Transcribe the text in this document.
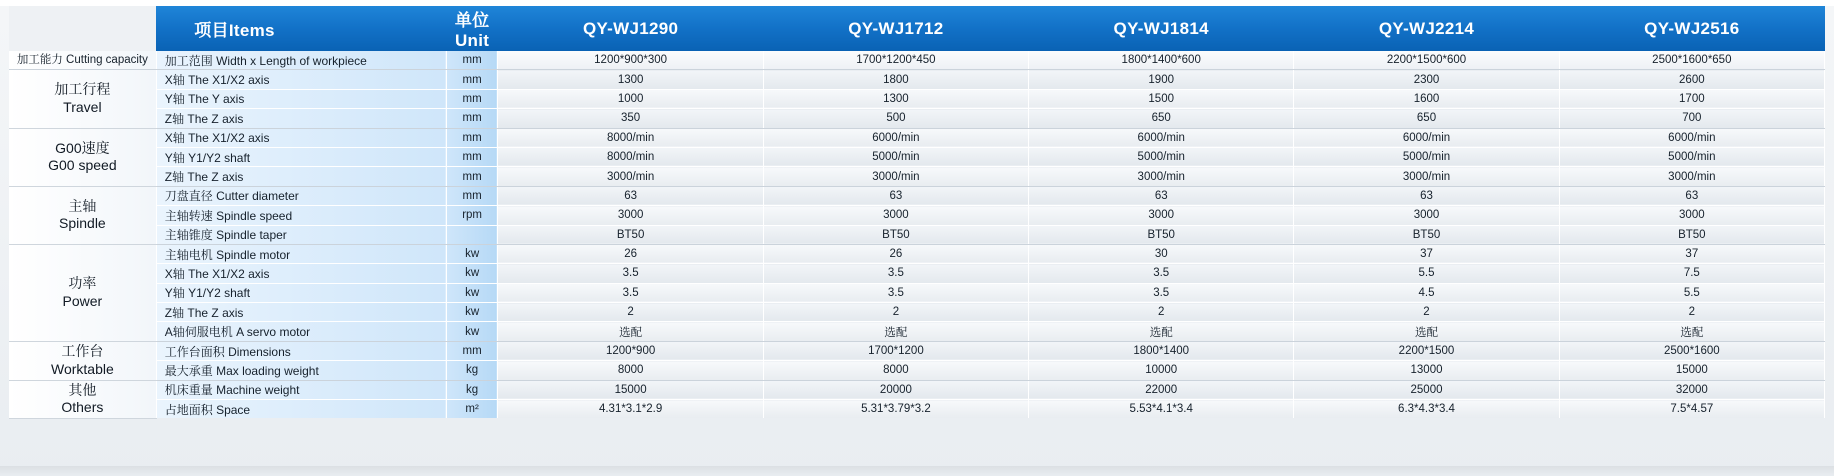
	项目Items	单位Unit	QY-WJ1290	QY-WJ1712	QY-WJ1814	QY-WJ2214	QY-WJ2516
加工能力 Cutting capacity	加工范围 Width x Length of workpiece	mm	1200*900*300	1700*1200*450	1800*1400*600	2200*1500*600	2500*1600*650

加工行程
Travel	X轴 The X1/X2 axis	mm	1300	1800	1900	2300	2600
	Y轴 The Y axis	mm	1000	1300	1500	1600	1700
	Z轴 The Z axis	mm	350	500	650	650	700

G00速度
G00 speed	X轴 The X1/X2 axis	mm	8000/min	6000/min	6000/min	6000/min	6000/min
	Y轴 Y1/Y2 shaft	mm	8000/min	5000/min	5000/min	5000/min	5000/min
	Z轴 The Z axis	mm	3000/min	3000/min	3000/min	3000/min	3000/min

主轴
Spindle	刀盘直径 Cutter diameter	mm	63	63	63	63	63
	主轴转速 Spindle speed	rpm	3000	3000	3000	3000	3000
	主轴锥度 Spindle taper		BT50	BT50	BT50	BT50	BT50

功率
Power	主轴电机 Spindle motor	kw	26	26	30	37	37
	X轴 The X1/X2 axis	kw	3.5	3.5	3.5	5.5	7.5
	Y轴 Y1/Y2 shaft	kw	3.5	3.5	3.5	4.5	5.5
	Z轴 The Z axis	kw	2	2	2	2	2
	A轴伺服电机 A servo motor	kw	选配	选配	选配	选配	选配

工作台
Worktable	工作台面积 Dimensions	mm	1200*900	1700*1200	1800*1400	2200*1500	2500*1600
	最大承重 Max loading weight	kg	8000	8000	10000	13000	15000

其他
Others	机床重量 Machine weight	kg	15000	20000	22000	25000	32000
	占地面积 Space	m²	4.31*3.1*2.9	5.31*3.79*3.2	5.53*4.1*3.4	6.3*4.3*3.4	7.5*4.57
